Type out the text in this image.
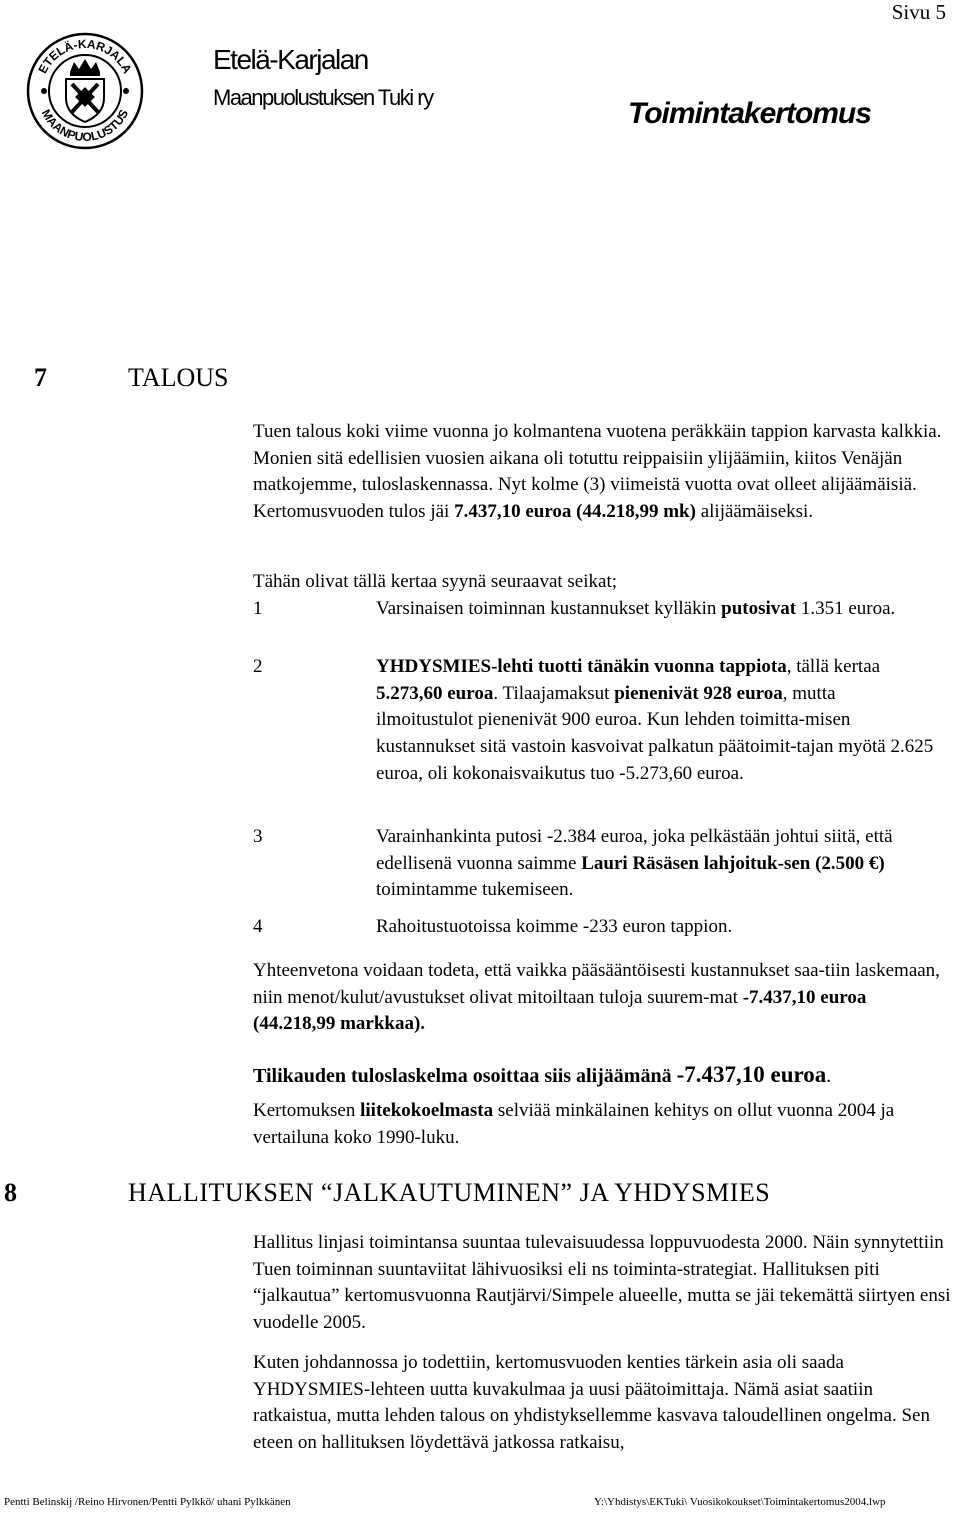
Sivu 5
ETELÄ-KARJALA
MAANPUOLUSTUS
Etelä-Karjalan
Maanpuolustuksen Tuki ry	Toimintakertomus
7	TALOUS
Tuen talous koki viime vuonna jo kolmantena vuotena peräkkäin tappion karvasta kalkkia. Monien sitä edellisien vuosien aikana oli totuttu reippaisiin ylijäämiin, kiitos Venäjän matkojemme, tuloslaskennassa. Nyt kolme (3) viimeistä vuotta ovat olleet alijäämäisiä. Kertomusvuoden tulos jäi 7.437,10 euroa (44.218,99 mk) alijäämäiseksi.
Tähän olivat tällä kertaa syynä seuraavat seikat;
1	Varsinaisen toiminnan kustannukset kylläkin putosivat 1.351 euroa.
2	YHDYSMIES-lehti tuotti tänäkin vuonna tappiota, tällä kertaa 5.273,60 euroa. Tilaajamaksut pienenivät 928 euroa, mutta ilmoitustulot pienenivät 900 euroa. Kun lehden toimitta-misen kustannukset sitä vastoin kasvoivat palkatun päätoimit-tajan myötä 2.625 euroa, oli kokonaisvaikutus tuo -5.273,60 euroa.
3	Varainhankinta putosi -2.384 euroa, joka pelkästään johtui siitä, että edellisenä vuonna saimme Lauri Räsäsen lahjoituk-sen (2.500 €) toimintamme tukemiseen.
4	Rahoitustuotoissa koimme -233 euron tappion.
Yhteenvetona voidaan todeta, että vaikka pääsääntöisesti kustannukset saa-tiin laskemaan, niin menot/kulut/avustukset olivat mitoiltaan tuloja suurem-mat -7.437,10 euroa (44.218,99 markkaa).
Tilikauden tuloslaskelma osoittaa siis alijäämänä -7.437,10 euroa.
Kertomuksen liitekokoelmasta selviää minkälainen kehitys on ollut vuonna 2004 ja vertailuna koko 1990-luku.
8	HALLITUKSEN “JALKAUTUMINEN” JA YHDYSMIES
Hallitus linjasi toimintansa suuntaa tulevaisuudessa loppuvuodesta 2000. Näin synnytettiin Tuen toiminnan suuntaviitat lähivuosiksi eli ns toiminta-strategiat. Hallituksen piti “jalkautua” kertomusvuonna Rautjärvi/Simpele alueelle, mutta se jäi tekemättä siirtyen ensi vuodelle 2005.
Kuten johdannossa jo todettiin, kertomusvuoden kenties tärkein asia oli saada YHDYSMIES-lehteen uutta kuvakulmaa ja uusi päätoimittaja. Nämä asiat saatiin ratkaistua, mutta lehden talous on yhdistyksellemme kasvava taloudellinen ongelma. Sen eteen on hallituksen löydettävä jatkossa ratkaisu,
Pentti Belinskij /Reino Hirvonen/Pentti Pylkkö/ uhani Pylkkänen	Y:\Yhdistys\EKTuki\ Vuosikokoukset\Toimintakertomus2004.lwp
